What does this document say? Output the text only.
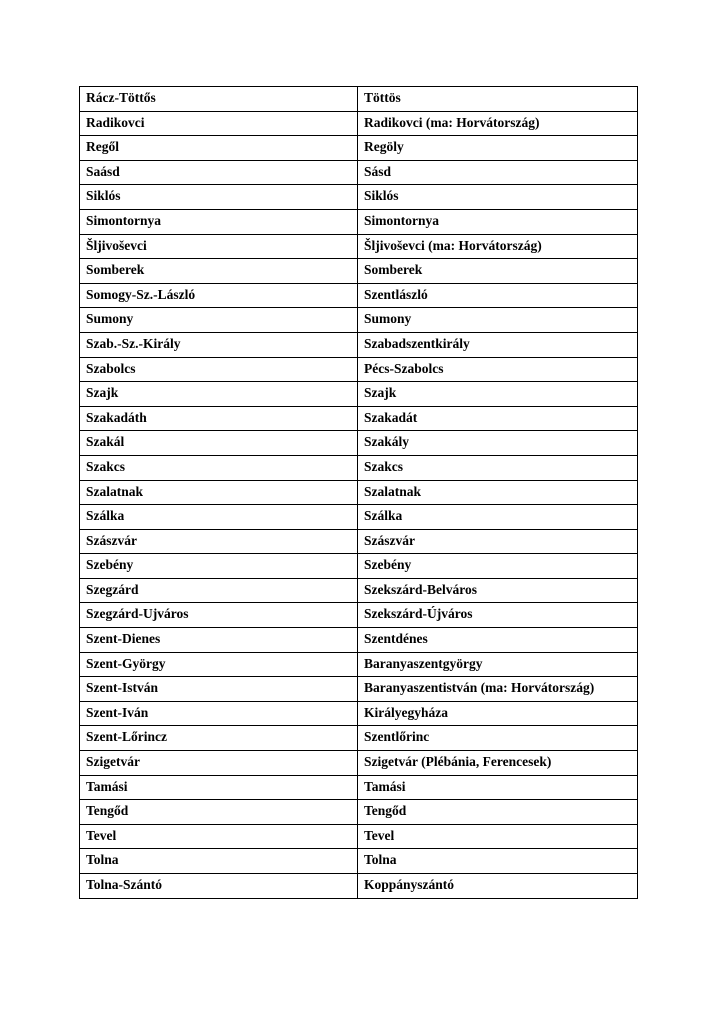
Rácz-Töttős	Töttös
Radikovci	Radikovci (ma: Horvátország)
Regől	Regöly
Saásd	Sásd
Siklós	Siklós
Simontornya	Simontornya
Šljivoševci	Šljivoševci (ma: Horvátország)
Somberek	Somberek
Somogy-Sz.-László	Szentlászló
Sumony	Sumony
Szab.-Sz.-Király	Szabadszentkirály
Szabolcs	Pécs-Szabolcs
Szajk	Szajk
Szakadáth	Szakadát
Szakál	Szakály
Szakcs	Szakcs
Szalatnak	Szalatnak
Szálka	Szálka
Szászvár	Szászvár
Szebény	Szebény
Szegzárd	Szekszárd-Belváros
Szegzárd-Ujváros	Szekszárd-Újváros
Szent-Dienes	Szentdénes
Szent-György	Baranyaszentgyörgy
Szent-István	Baranyaszentistván (ma: Horvátország)
Szent-Iván	Királyegyháza
Szent-Lőrincz	Szentlőrinc
Szigetvár	Szigetvár (Plébánia, Ferencesek)
Tamási	Tamási
Tengőd	Tengőd
Tevel	Tevel
Tolna	Tolna
Tolna-Szántó	Koppányszántó
